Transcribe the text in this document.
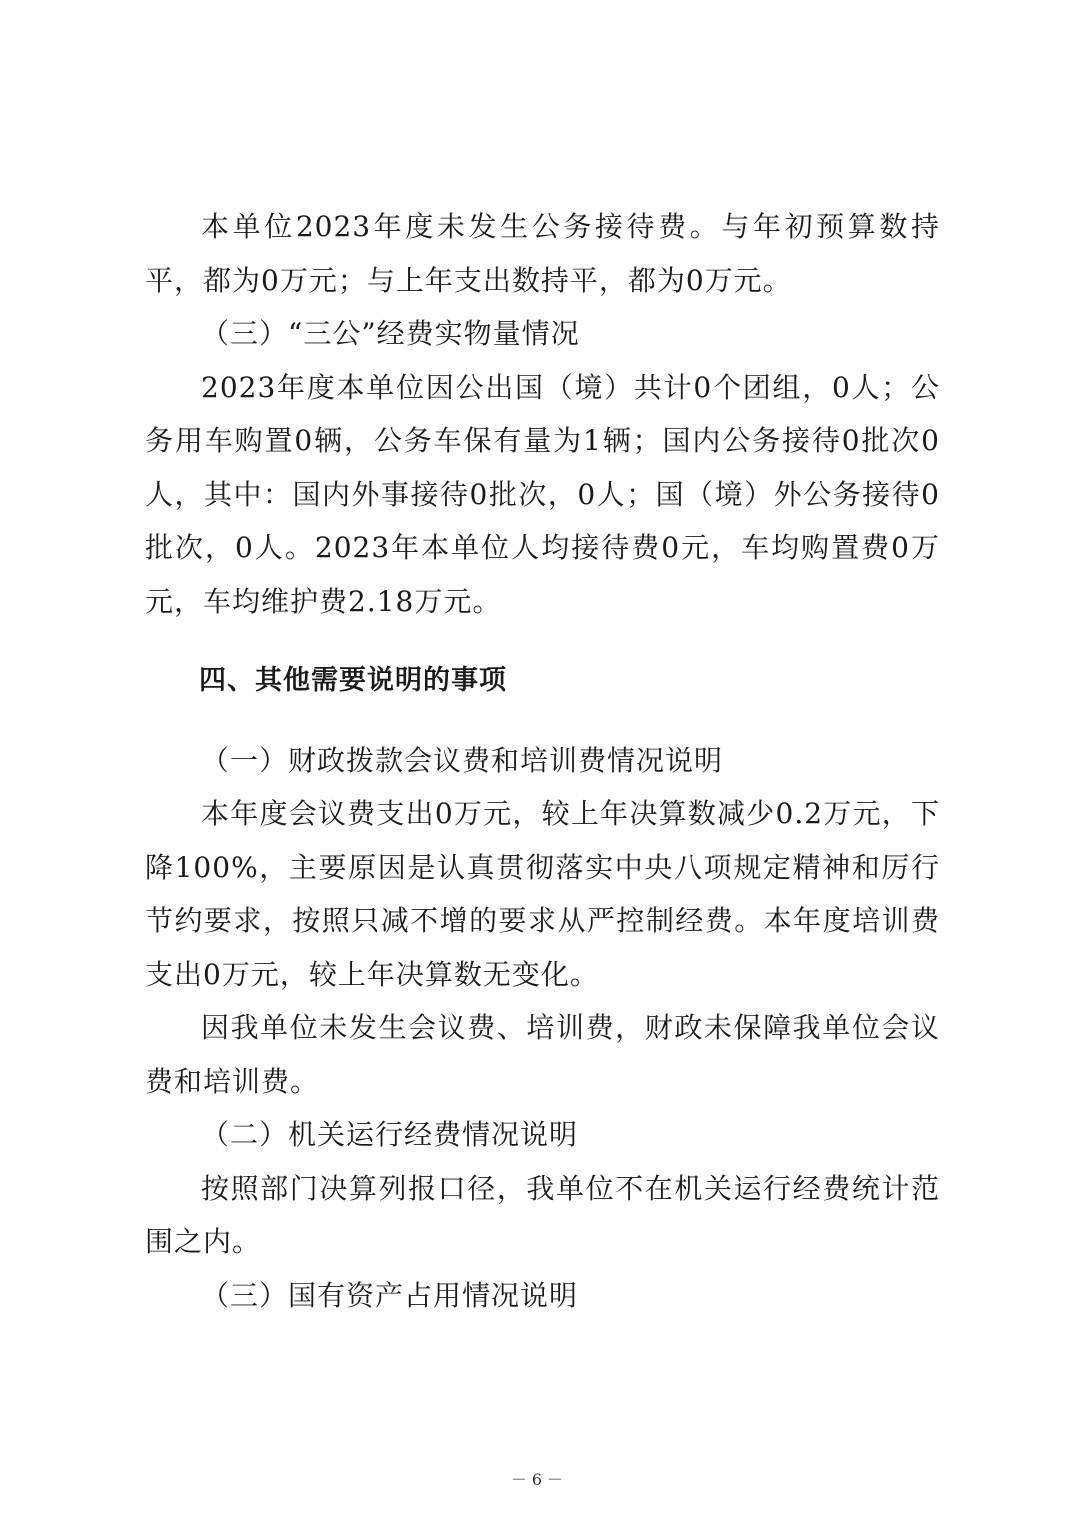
本单位2023年度未发生公务接待费。与年初预算数持平，都为0万元；与上年支出数持平，都为0万元。

（三）“三公”经费实物量情况

2023年度本单位因公出国（境）共计0个团组，0人；公务用车购置0辆，公务车保有量为1辆；国内公务接待0批次0人，其中：国内外事接待0批次，0人；国（境）外公务接待0批次，0人。2023年本单位人均接待费0元，车均购置费0万元，车均维护费2.18万元。

四、其他需要说明的事项

（一）财政拨款会议费和培训费情况说明

本年度会议费支出0万元，较上年决算数减少0.2万元，下降100%，主要原因是认真贯彻落实中央八项规定精神和厉行节约要求，按照只减不增的要求从严控制经费。本年度培训费支出0万元，较上年决算数无变化。

因我单位未发生会议费、培训费，财政未保障我单位会议费和培训费。

（二）机关运行经费情况说明

按照部门决算列报口径，我单位不在机关运行经费统计范围之内。

（三）国有资产占用情况说明

－ 6 －
